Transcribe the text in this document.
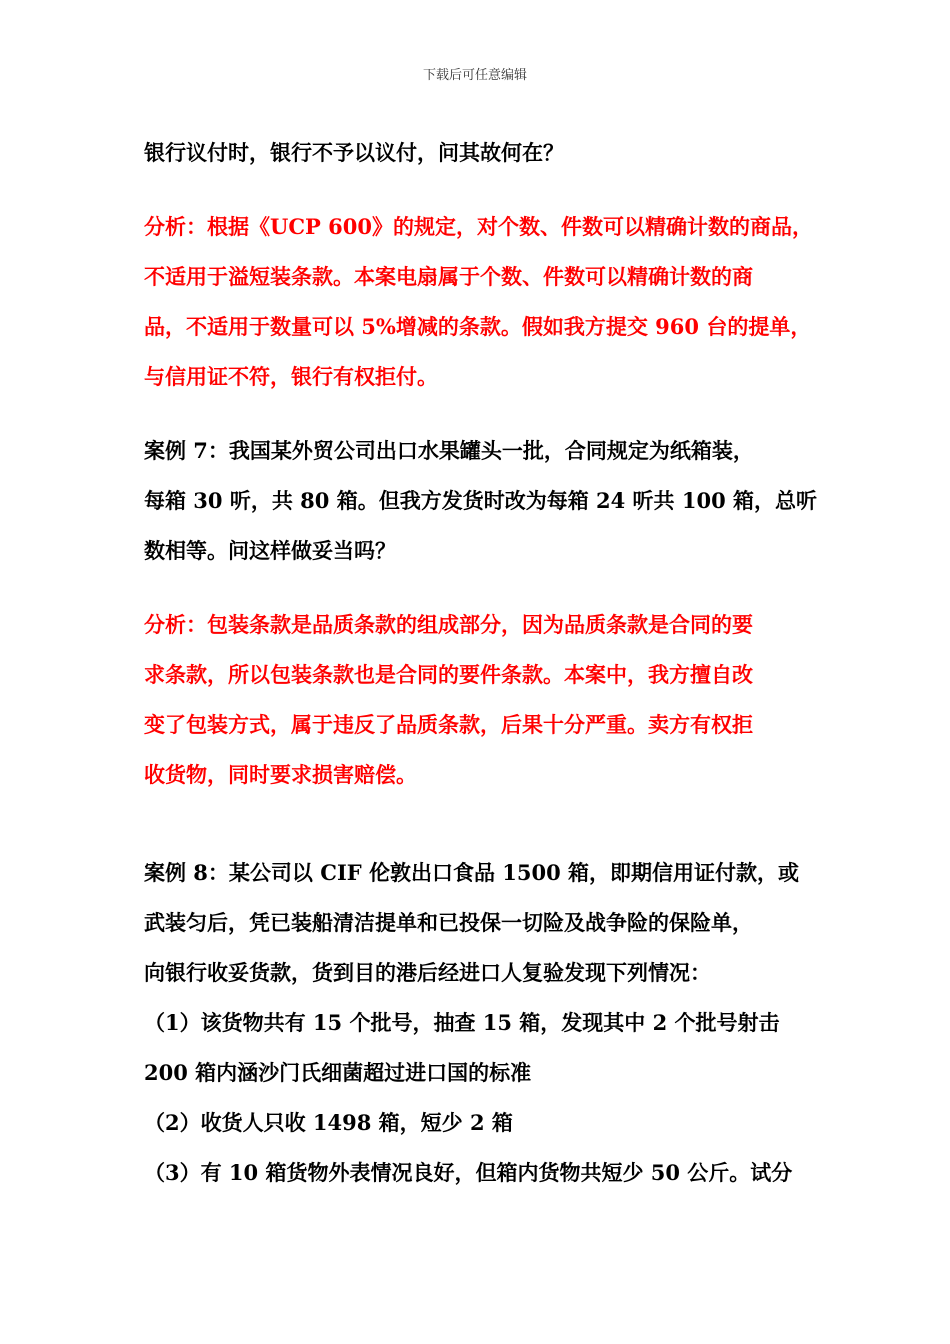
下载后可任意编辑
银行议付时，银行不予以议付，问其故何在？
分析：根据《UCP 600》的规定，对个数、件数可以精确计数的商品，
不适用于溢短装条款。本案电扇属于个数、件数可以精确计数的商
品，不适用于数量可以 5%增减的条款。假如我方提交 960 台的提单，
与信用证不符，银行有权拒付。
案例 7：我国某外贸公司出口水果罐头一批，合同规定为纸箱装，
每箱 30 听，共 80 箱。但我方发货时改为每箱 24 听共 100 箱，总听
数相等。问这样做妥当吗？
分析：包装条款是品质条款的组成部分，因为品质条款是合同的要
求条款，所以包装条款也是合同的要件条款。本案中，我方擅自改
变了包装方式，属于违反了品质条款，后果十分严重。卖方有权拒
收货物，同时要求损害赔偿。
案例 8：某公司以 CIF 伦敦出口食品 1500 箱，即期信用证付款，或
武装匀后，凭已装船清洁提单和已投保一切险及战争险的保险单，
向银行收妥货款，货到目的港后经进口人复验发现下列情况：
（1）该货物共有 15 个批号，抽查 15 箱，发现其中 2 个批号射击
200 箱内涵沙门氏细菌超过进口国的标准
（2）收货人只收 1498 箱，短少 2 箱
（3）有 10 箱货物外表情况良好，但箱内货物共短少 50 公斤。试分
